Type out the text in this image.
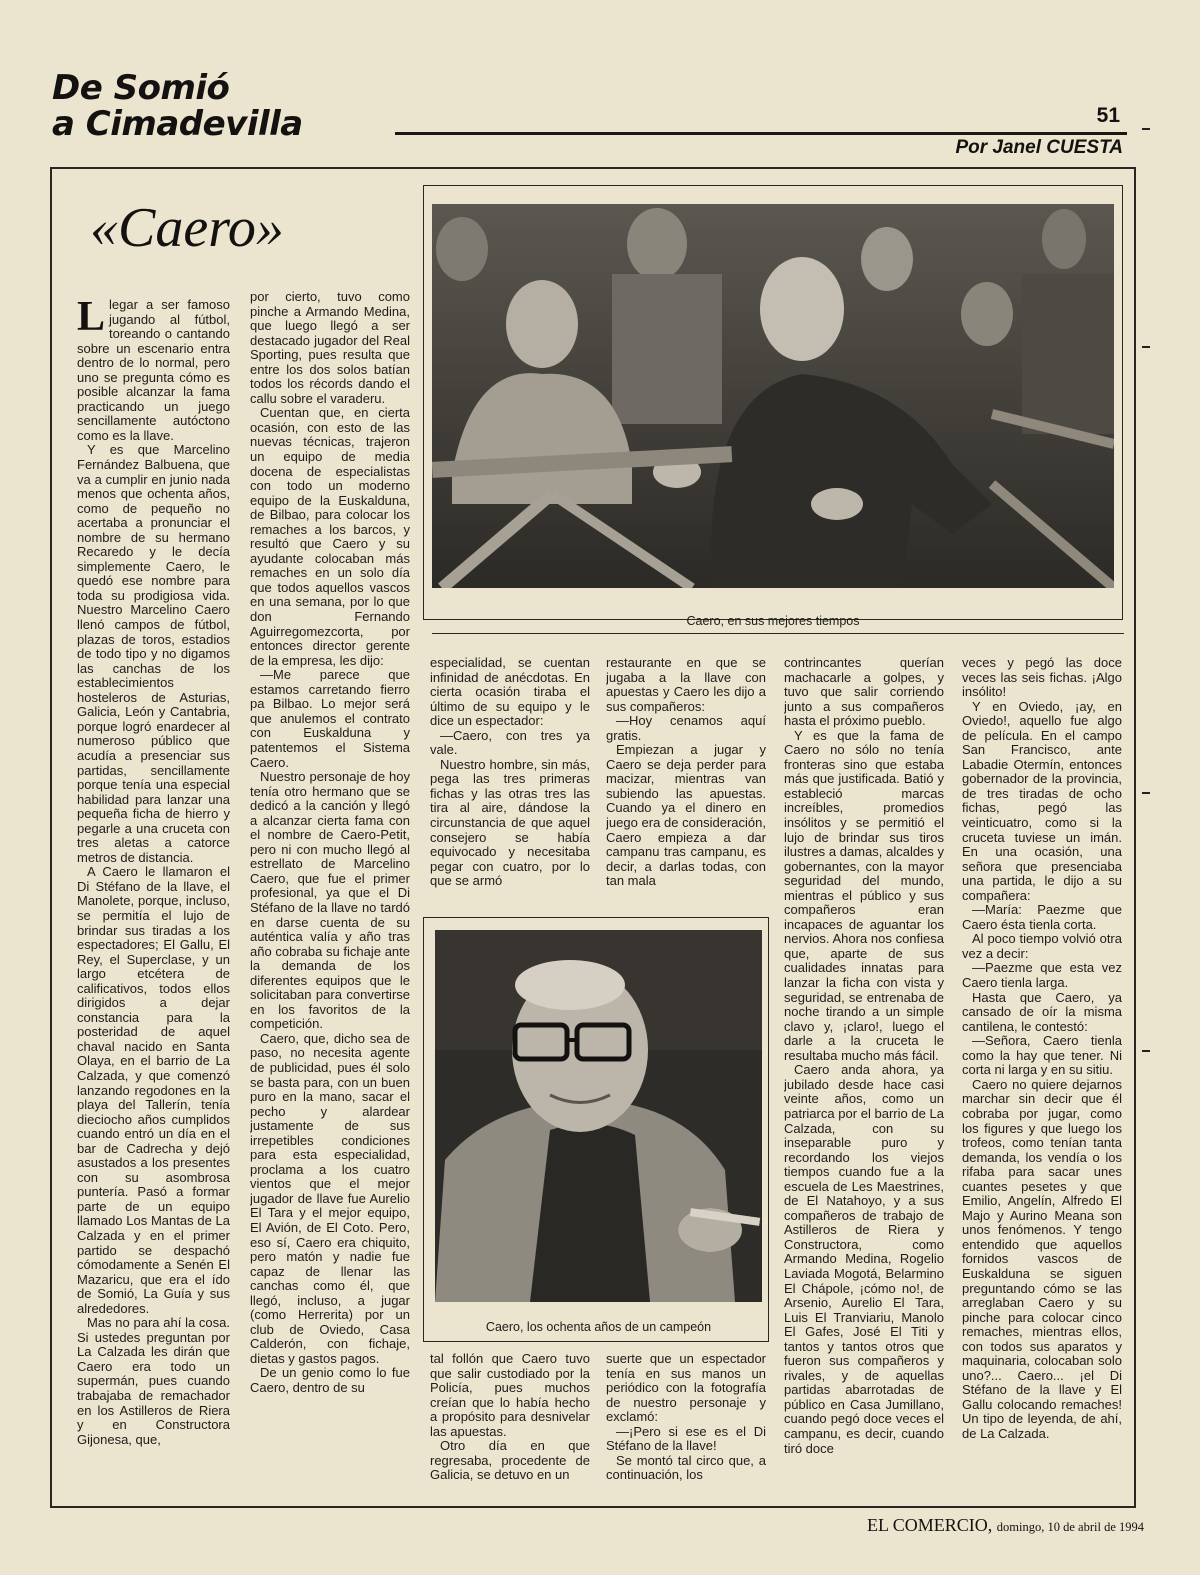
De Somió
a Cimadevilla	51
Por Janel CUESTA
«Caero»

Llegar a ser famoso jugando al fútbol, toreando o cantando sobre un escenario entra dentro de lo normal, pero uno se pregunta cómo es posible alcanzar la fama practicando un juego sencillamente autóctono como es la llave.

Y es que Marcelino Fernández Balbuena, que va a cumplir en junio nada menos que ochenta años, como de pequeño no acertaba a pronunciar el nombre de su hermano Recaredo y le decía simplemente Caero, le quedó ese nombre para toda su prodigiosa vida. Nuestro Marcelino Caero llenó campos de fútbol, plazas de toros, estadios de todo tipo y no digamos las canchas de los establecimientos hosteleros de Asturias, Galicia, León y Cantabria, porque logró enardecer al numeroso público que acudía a presenciar sus partidas, sencillamente porque tenía una especial habilidad para lanzar una pequeña ficha de hierro y pegarle a una cruceta con tres aletas a catorce metros de distancia.

A Caero le llamaron el Di Stéfano de la llave, el Manolete, porque, incluso, se permitía el lujo de brindar sus tiradas a los espectadores; El Gallu, El Rey, el Superclase, y un largo etcétera de calificativos, todos ellos dirigidos a dejar constancia para la posteridad de aquel chaval nacido en Santa Olaya, en el barrio de La Calzada, y que comenzó lanzando regodones en la playa del Tallerín, tenía dieciocho años cumplidos cuando entró un día en el bar de Cadrecha y dejó asustados a los presentes con su asombrosa puntería. Pasó a formar parte de un equipo llamado Los Mantas de La Calzada y en el primer partido se despachó cómodamente a Senén El Mazaricu, que era el ído de Somió, La Guía y sus alrededores.

Mas no para ahí la cosa. Si ustedes preguntan por La Calzada les dirán que Caero era todo un supermán, pues cuando trabajaba de remachador en los Astilleros de Riera y en Constructora Gijonesa, que,

por cierto, tuvo como pinche a Armando Medina, que luego llegó a ser destacado jugador del Real Sporting, pues resulta que entre los dos solos batían todos los récords dando el callu sobre el varaderu.

Cuentan que, en cierta ocasión, con esto de las nuevas técnicas, trajeron un equipo de media docena de especialistas con todo un moderno equipo de la Euskalduna, de Bilbao, para colocar los remaches a los barcos, y resultó que Caero y su ayudante colocaban más remaches en un solo día que todos aquellos vascos en una semana, por lo que don Fernando Aguirregomezcorta, por entonces director gerente de la empresa, les dijo:

—Me parece que estamos carretando fierro pa Bilbao. Lo mejor será que anulemos el contrato con Euskalduna y patentemos el Sistema Caero.

Nuestro personaje de hoy tenía otro hermano que se dedicó a la canción y llegó a alcanzar cierta fama con el nombre de Caero-Petit, pero ni con mucho llegó al estrellato de Marcelino Caero, que fue el primer profesional, ya que el Di Stéfano de la llave no tardó en darse cuenta de su auténtica valía y año tras año cobraba su fichaje ante la demanda de los diferentes equipos que le solicitaban para convertirse en los favoritos de la competición.

Caero, que, dicho sea de paso, no necesita agente de publicidad, pues él solo se basta para, con un buen puro en la mano, sacar el pecho y alardear justamente de sus irrepetibles condiciones para esta especialidad, proclama a los cuatro vientos que el mejor jugador de llave fue Aurelio El Tara y el mejor equipo, El Avión, de El Coto. Pero, eso sí, Caero era chiquito, pero matón y nadie fue capaz de llenar las canchas como él, que llegó, incluso, a jugar (como Herrerita) por un club de Oviedo, Casa Calderón, con fichaje, dietas y gastos pagos.

De un genio como lo fue Caero, dentro de su

Caero, en sus mejores tiempos

especialidad, se cuentan infinidad de anécdotas. En cierta ocasión tiraba el último de su equipo y le dice un espectador:

—Caero, con tres ya vale.

Nuestro hombre, sin más, pega las tres primeras fichas y las otras tres las tira al aire, dándose la circunstancia de que aquel consejero se había equivocado y necesitaba pegar con cuatro, por lo que se armó

restaurante en que se jugaba a la llave con apuestas y Caero les dijo a sus compañeros:

—Hoy cenamos aquí gratis.

Empiezan a jugar y Caero se deja perder para macizar, mientras van subiendo las apuestas. Cuando ya el dinero en juego era de consideración, Caero empieza a dar campanu tras campanu, es decir, a darlas todas, con tan mala

Caero, los ochenta años de un campeón

tal follón que Caero tuvo que salir custodiado por la Policía, pues muchos creían que lo había hecho a propósito para desnivelar las apuestas.

Otro día en que regresaba, procedente de Galicia, se detuvo en un

suerte que un espectador tenía en sus manos un periódico con la fotografía de nuestro personaje y exclamó:

—¡Pero si ese es el Di Stéfano de la llave!

Se montó tal circo que, a continuación, los

contrincantes querían machacarle a golpes, y tuvo que salir corriendo junto a sus compañeros hasta el próximo pueblo.

Y es que la fama de Caero no sólo no tenía fronteras sino que estaba más que justificada. Batió y estableció marcas increíbles, promedios insólitos y se permitió el lujo de brindar sus tiros ilustres a damas, alcaldes y gobernantes, con la mayor seguridad del mundo, mientras el público y sus compañeros eran incapaces de aguantar los nervios. Ahora nos confiesa que, aparte de sus cualidades innatas para lanzar la ficha con vista y seguridad, se entrenaba de noche tirando a un simple clavo y, ¡claro!, luego el darle a la cruceta le resultaba mucho más fácil.

Caero anda ahora, ya jubilado desde hace casi veinte años, como un patriarca por el barrio de La Calzada, con su inseparable puro y recordando los viejos tiempos cuando fue a la escuela de Les Maestrines, de El Natahoyo, y a sus compañeros de trabajo de Astilleros de Riera y Constructora, como Armando Medina, Rogelio Laviada Mogotá, Belarmino El Chápole, ¡cómo no!, de Arsenio, Aurelio El Tara, Luis El Tranviariu, Manolo El Gafes, José El Titi y tantos y tantos otros que fueron sus compañeros y rivales, y de aquellas partidas abarrotadas de público en Casa Jumillano, cuando pegó doce veces el campanu, es decir, cuando tiró doce

veces y pegó las doce veces las seis fichas. ¡Algo insólito!

Y en Oviedo, ¡ay, en Oviedo!, aquello fue algo de película. En el campo San Francisco, ante Labadie Otermín, entonces gobernador de la provincia, de tres tiradas de ocho fichas, pegó las veinticuatro, como si la cruceta tuviese un imán. En una ocasión, una señora que presenciaba una partida, le dijo a su compañera:

—María: Paezme que Caero ésta tienla corta.

Al poco tiempo volvió otra vez a decir:

—Paezme que esta vez Caero tienla larga.

Hasta que Caero, ya cansado de oír la misma cantilena, le contestó:

—Señora, Caero tienla como la hay que tener. Ni corta ni larga y en su sitiu.

Caero no quiere dejarnos marchar sin decir que él cobraba por jugar, como los figures y que luego los trofeos, como tenían tanta demanda, los vendía o los rifaba para sacar unes cuantes pesetes y que Emilio, Angelín, Alfredo El Majo y Aurino Meana son unos fenómenos. Y tengo entendido que aquellos fornidos vascos de Euskalduna se siguen preguntando cómo se las arreglaban Caero y su pinche para colocar cinco remaches, mientras ellos, con todos sus aparatos y maquinaria, colocaban solo uno?... Caero... ¡el Di Stéfano de la llave y El Gallu colocando remaches! Un tipo de leyenda, de ahí, de La Calzada.

EL COMERCIO, domingo, 10 de abril de 1994
